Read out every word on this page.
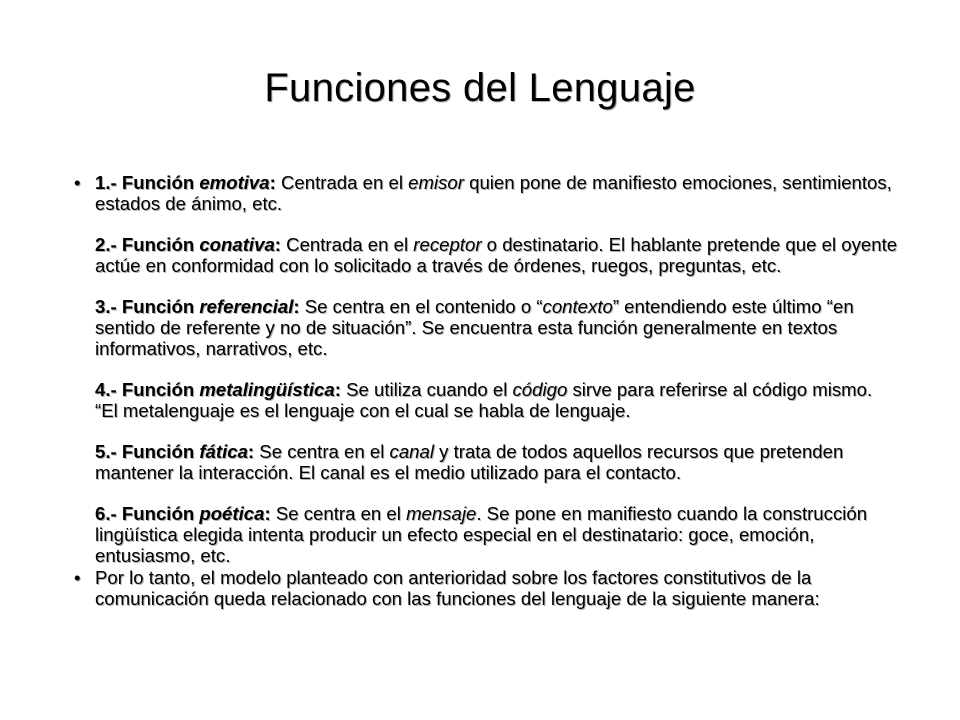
Funciones del Lenguaje
• 1.- Función emotiva: Centrada en el emisor quien pone de manifiesto emociones, sentimientos, estados de ánimo, etc.

2.- Función conativa: Centrada en el receptor o destinatario. El hablante pretende que el oyente actúe en conformidad con lo solicitado a través de órdenes, ruegos, preguntas, etc.

3.- Función referencial: Se centra en el contenido o “contexto” entendiendo este último “en sentido de referente y no de situación”. Se encuentra esta función generalmente en textos informativos, narrativos, etc.

4.- Función metalingüística: Se utiliza cuando el código sirve para referirse al código mismo. “El metalenguaje es el lenguaje con el cual se habla de lenguaje.

5.- Función fática: Se centra en el canal y trata de todos aquellos recursos que pretenden mantener la interacción. El canal es el medio utilizado para el contacto.

6.- Función poética: Se centra en el mensaje. Se pone en manifiesto cuando la construcción lingüística elegida intenta producir un efecto especial en el destinatario: goce, emoción, entusiasmo, etc.

• Por lo tanto, el modelo planteado con anterioridad sobre los factores constitutivos de la comunicación queda relacionado con las funciones del lenguaje de la siguiente manera:
